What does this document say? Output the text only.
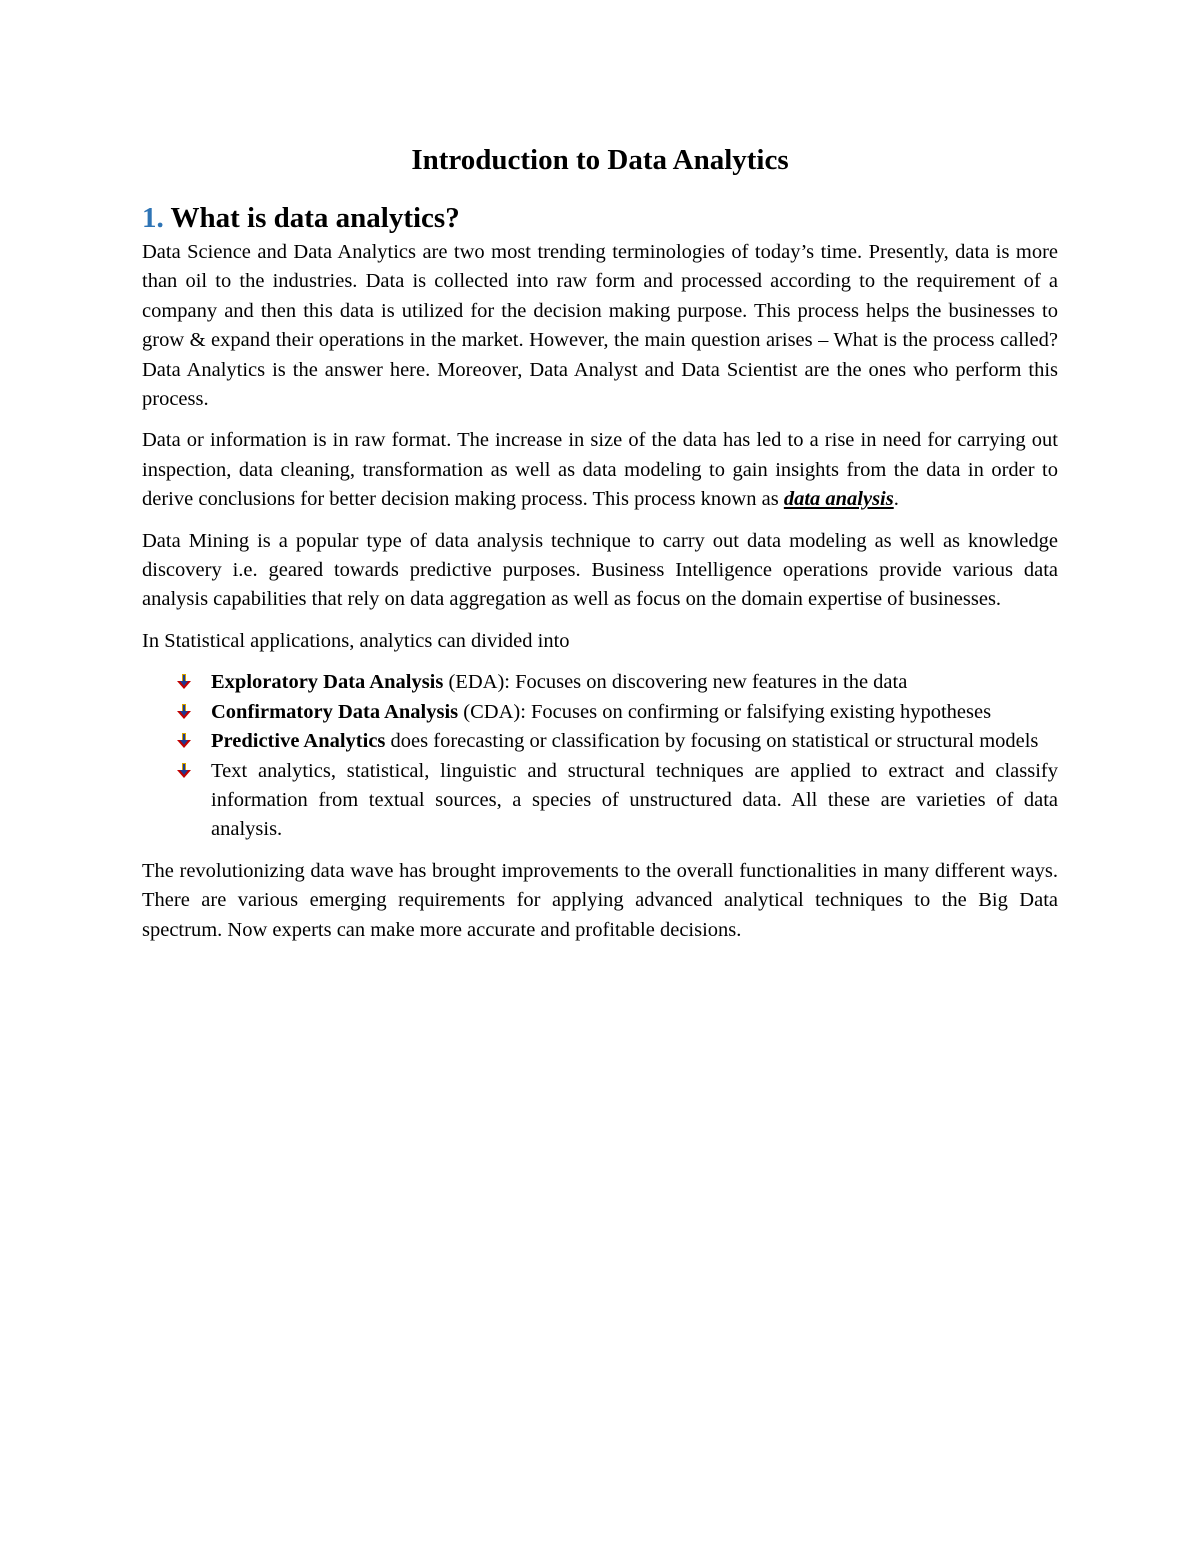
Introduction to Data Analytics
1. What is data analytics?

Data Science and Data Analytics are two most trending terminologies of today’s time. Presently, data is more than oil to the industries. Data is collected into raw form and processed according to the requirement of a company and then this data is utilized for the decision making purpose. This process helps the businesses to grow & expand their operations in the market. However, the main question arises – What is the process called? Data Analytics is the answer here. Moreover, Data Analyst and Data Scientist are the ones who perform this process.

Data or information is in raw format. The increase in size of the data has led to a rise in need for carrying out inspection, data cleaning, transformation as well as data modeling to gain insights from the data in order to derive conclusions for better decision making process. This process known as data analysis.

Data Mining is a popular type of data analysis technique to carry out data modeling as well as knowledge discovery i.e. geared towards predictive purposes. Business Intelligence operations provide various data analysis capabilities that rely on data aggregation as well as focus on the domain expertise of businesses.

In Statistical applications, analytics can divided into

Exploratory Data Analysis (EDA): Focuses on discovering new features in the data
Confirmatory Data Analysis (CDA): Focuses on confirming or falsifying existing hypotheses
Predictive Analytics does forecasting or classification by focusing on statistical or structural models
Text analytics, statistical, linguistic and structural techniques are applied to extract and classify information from textual sources, a species of unstructured data. All these are varieties of data analysis.

The revolutionizing data wave has brought improvements to the overall functionalities in many different ways. There are various emerging requirements for applying advanced analytical techniques to the Big Data spectrum. Now experts can make more accurate and profitable decisions.
